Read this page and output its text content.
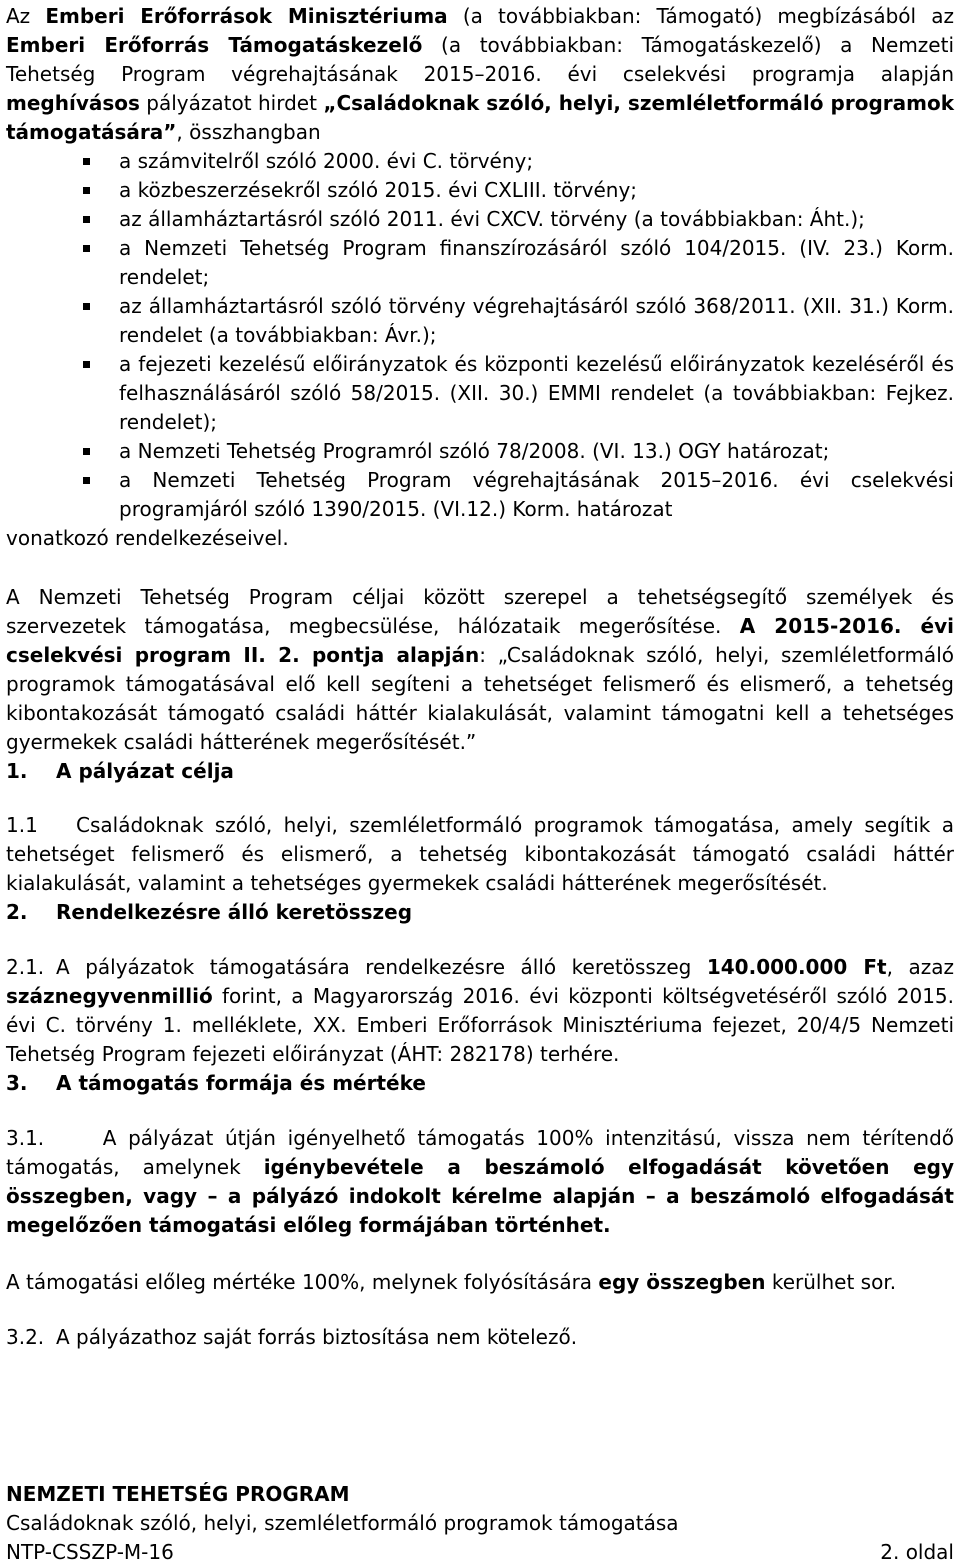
Az Emberi Erőforrások Minisztériuma (a továbbiakban: Támogató) megbízásából az Emberi Erőforrás Támogatáskezelő (a továbbiakban: Támogatáskezelő) a Nemzeti Tehetség Program végrehajtásának 2015–2016. évi cselekvési programja alapján meghívásos pályázatot hirdet „Családoknak szóló, helyi, szemléletformáló programok támogatására”, összhangban

a számvitelről szóló 2000. évi C. törvény;
a közbeszerzésekről szóló 2015. évi CXLIII. törvény;
az államháztartásról szóló 2011. évi CXCV. törvény (a továbbiakban: Áht.);
a Nemzeti Tehetség Program finanszírozásáról szóló 104/2015. (IV. 23.) Korm. rendelet;
az államháztartásról szóló törvény végrehajtásáról szóló 368/2011. (XII. 31.) Korm. rendelet (a továbbiakban: Ávr.);
a fejezeti kezelésű előirányzatok és központi kezelésű előirányzatok kezeléséről és felhasználásáról szóló 58/2015. (XII. 30.) EMMI rendelet (a továbbiakban: Fejkez. rendelet);
a Nemzeti Tehetség Programról szóló 78/2008. (VI. 13.) OGY határozat;
a Nemzeti Tehetség Program végrehajtásának 2015–2016. évi cselekvési programjáról szóló 1390/2015. (VI.12.) Korm. határozat

vonatkozó rendelkezéseivel.

A Nemzeti Tehetség Program céljai között szerepel a tehetségsegítő személyek és szervezetek támogatása, megbecsülése, hálózataik megerősítése. A 2015-2016. évi cselekvési program II. 2. pontja alapján: „Családoknak szóló, helyi, szemléletformáló programok támogatásával elő kell segíteni a tehetséget felismerő és elismerő, a tehetség kibontakozását támogató családi háttér kialakulását, valamint támogatni kell a tehetséges gyermekek családi hátterének megerősítését.”

1. A pályázat célja

1.1 Családoknak szóló, helyi, szemléletformáló programok támogatása, amely segítik a tehetséget felismerő és elismerő, a tehetség kibontakozását támogató családi háttér kialakulását, valamint a tehetséges gyermekek családi hátterének megerősítését.

2. Rendelkezésre álló keretösszeg

2.1. A pályázatok támogatására rendelkezésre álló keretösszeg 140.000.000 Ft, azaz száznegyvenmillió forint, a Magyarország 2016. évi központi költségvetéséről szóló 2015. évi C. törvény 1. melléklete, XX. Emberi Erőforrások Minisztériuma fejezet, 20/4/5 Nemzeti Tehetség Program fejezeti előirányzat (ÁHT: 282178) terhére.

3. A támogatás formája és mértéke

3.1.	A pályázat útján igényelhető támogatás 100% intenzitású, vissza nem térítendő támogatás, amelynek igénybevétele a beszámoló elfogadását követően egy összegben, vagy – a pályázó indokolt kérelme alapján – a beszámoló elfogadását megelőzően támogatási előleg formájában történhet.

A támogatási előleg mértéke 100%, melynek folyósítására egy összegben kerülhet sor.

3.2. A pályázathoz saját forrás biztosítása nem kötelező.

NEMZETI TEHETSÉG PROGRAM

Családoknak szóló, helyi, szemléletformáló programok támogatása

NTP-CSSZP-M-16	2. oldal
